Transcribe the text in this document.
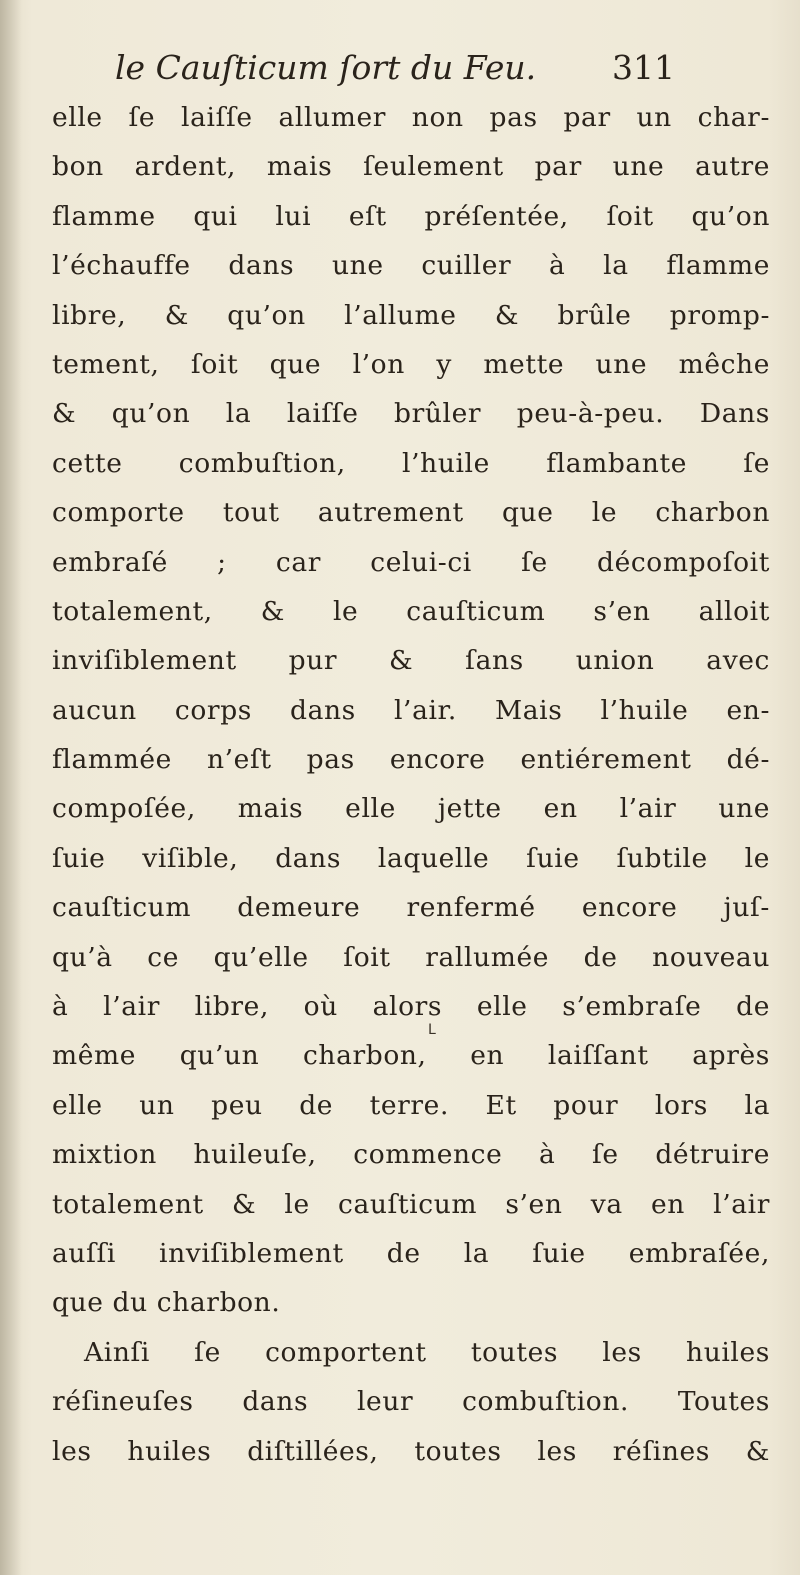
le Cauſticum ſort du Feu. 311
elle ſe laiſſe allumer non pas par un char-
bon ardent, mais ſeulement par une autre
flamme qui lui eſt préſentée, ſoit qu’on
l’échauffe dans une cuiller à la flamme
libre, & qu’on l’allume & brûle promp-
tement, ſoit que l’on y mette une mêche
& qu’on la laiſſe brûler peu-à-peu. Dans
cette combuſtion, l’huile flambante ſe
comporte tout autrement que le charbon
embraſé ; car celui-ci ſe décompoſoit
totalement, & le cauſticum s’en alloit
inviſiblement pur & ſans union avec
aucun corps dans l’air. Mais l’huile en-
flammée n’eſt pas encore entiérement dé-
compoſée, mais elle jette en l’air une
ſuie viſible, dans laquelle ſuie ſubtile le
cauſticum demeure renfermé encore juſ-
qu’à ce qu’elle ſoit rallumée de nouveau
à l’air libre, où alors elle s’embraſe de
même qu’un charbon, en laiſſant après
elle un peu de terre. Et pour lors la
mixtion huileuſe, commence à ſe détruire
totalement & le cauſticum s’en va en l’air
auſſi inviſiblement de la ſuie embraſée,
que du charbon.
Ainſi ſe comportent toutes les huiles
réſineuſes dans leur combuſtion. Toutes
les huiles diſtillées, toutes les réſines &
L
